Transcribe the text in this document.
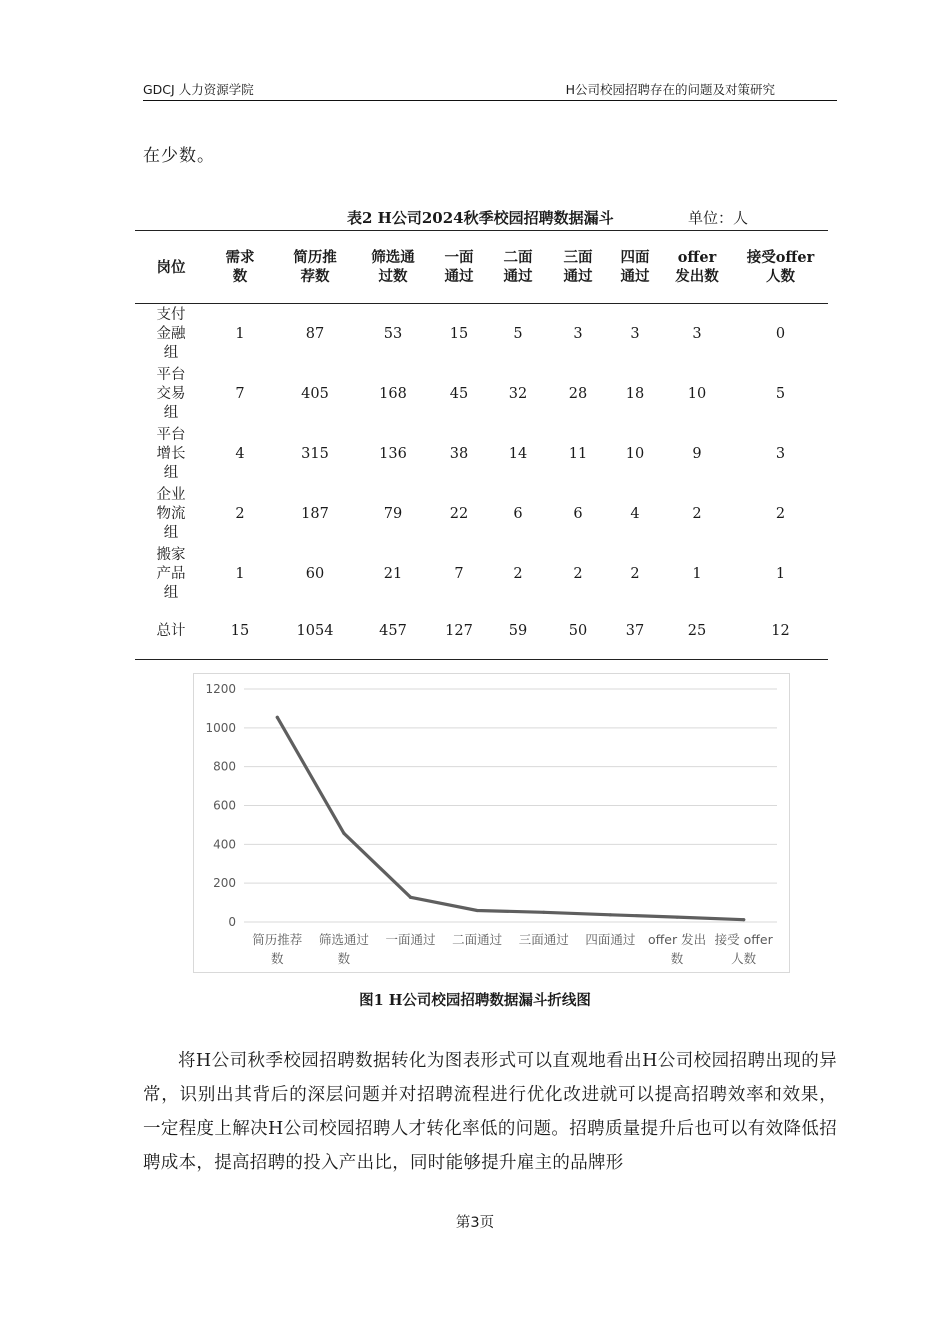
GDCJ 人力资源学院	H公司校园招聘存在的问题及对策研究
在少数。
表2 H公司2024秋季校园招聘数据漏斗	单位：人
岗位	需求数	简历推荐数	筛选通过数	一面通过	二面通过	三面通过	四面通过	offer发出数	接受offer人数
支付金融组	1	87	53	15	5	3	3	3	0
平台交易组	7	405	168	45	32	28	18	10	5
平台增长组	4	315	136	38	14	11	10	9	3
企业物流组	2	187	79	22	6	6	4	2	2
搬家产品组	1	60	21	7	2	2	2	1	1
总计	15	1054	457	127	59	50	37	25	12
0
200
400
600
800
1000
1200
简历推荐
数
筛选通过
数
一面通过 二面通过 三面通过 四面通过 offer 发出
数
接受 offer
人数
图1 H公司校园招聘数据漏斗折线图

将H公司秋季校园招聘数据转化为图表形式可以直观地看出H公司校园招聘出现的异常，识别出其背后的深层问题并对招聘流程进行优化改进就可以提高招聘效率和效果，一定程度上解决H公司校园招聘人才转化率低的问题。招聘质量提升后也可以有效降低招聘成本，提高招聘的投入产出比，同时能够提升雇主的品牌形

第3页
